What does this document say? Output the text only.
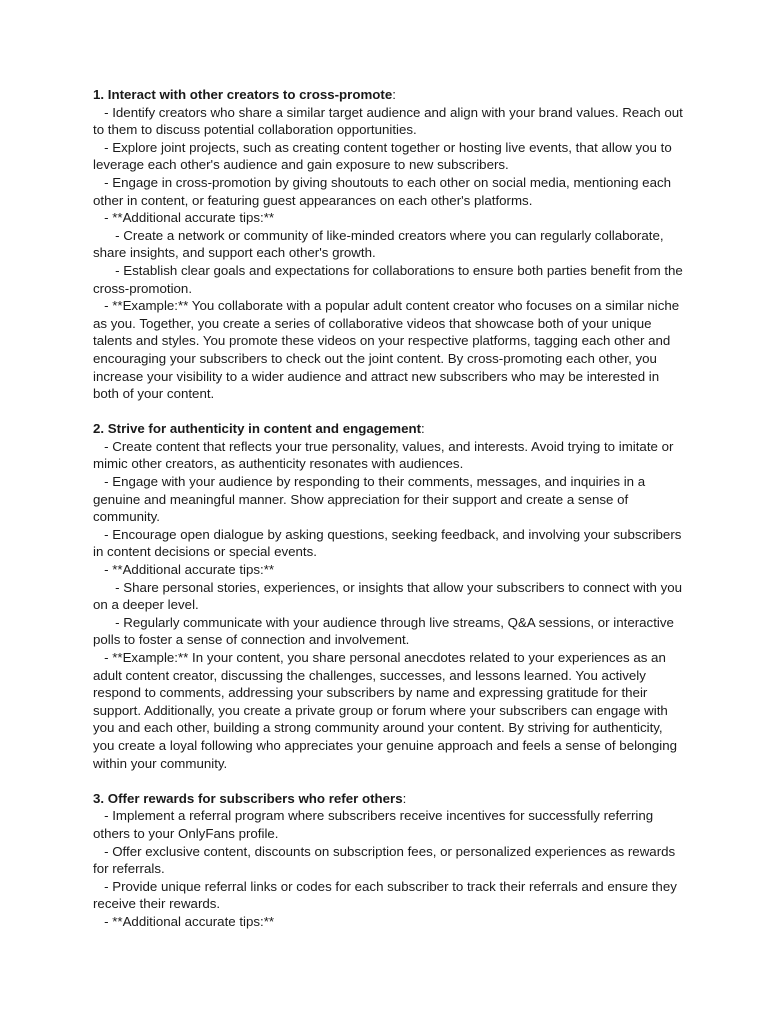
1. Interact with other creators to cross-promote:

- Identify creators who share a similar target audience and align with your brand values. Reach out to them to discuss potential collaboration opportunities.

- Explore joint projects, such as creating content together or hosting live events, that allow you to leverage each other's audience and gain exposure to new subscribers.

- Engage in cross-promotion by giving shoutouts to each other on social media, mentioning each other in content, or featuring guest appearances on each other's platforms.

- **Additional accurate tips:**

- Create a network or community of like-minded creators where you can regularly collaborate, share insights, and support each other's growth.

- Establish clear goals and expectations for collaborations to ensure both parties benefit from the cross-promotion.

- **Example:** You collaborate with a popular adult content creator who focuses on a similar niche as you. Together, you create a series of collaborative videos that showcase both of your unique talents and styles. You promote these videos on your respective platforms, tagging each other and encouraging your subscribers to check out the joint content. By cross-promoting each other, you increase your visibility to a wider audience and attract new subscribers who may be interested in both of your content.

2. Strive for authenticity in content and engagement:

- Create content that reflects your true personality, values, and interests. Avoid trying to imitate or mimic other creators, as authenticity resonates with audiences.

- Engage with your audience by responding to their comments, messages, and inquiries in a genuine and meaningful manner. Show appreciation for their support and create a sense of community.

- Encourage open dialogue by asking questions, seeking feedback, and involving your subscribers in content decisions or special events.

- **Additional accurate tips:**

- Share personal stories, experiences, or insights that allow your subscribers to connect with you on a deeper level.

- Regularly communicate with your audience through live streams, Q&A sessions, or interactive polls to foster a sense of connection and involvement.

- **Example:** In your content, you share personal anecdotes related to your experiences as an adult content creator, discussing the challenges, successes, and lessons learned. You actively respond to comments, addressing your subscribers by name and expressing gratitude for their support. Additionally, you create a private group or forum where your subscribers can engage with you and each other, building a strong community around your content. By striving for authenticity, you create a loyal following who appreciates your genuine approach and feels a sense of belonging within your community.

3. Offer rewards for subscribers who refer others:

- Implement a referral program where subscribers receive incentives for successfully referring others to your OnlyFans profile.

- Offer exclusive content, discounts on subscription fees, or personalized experiences as rewards for referrals.

- Provide unique referral links or codes for each subscriber to track their referrals and ensure they receive their rewards.

- **Additional accurate tips:**
